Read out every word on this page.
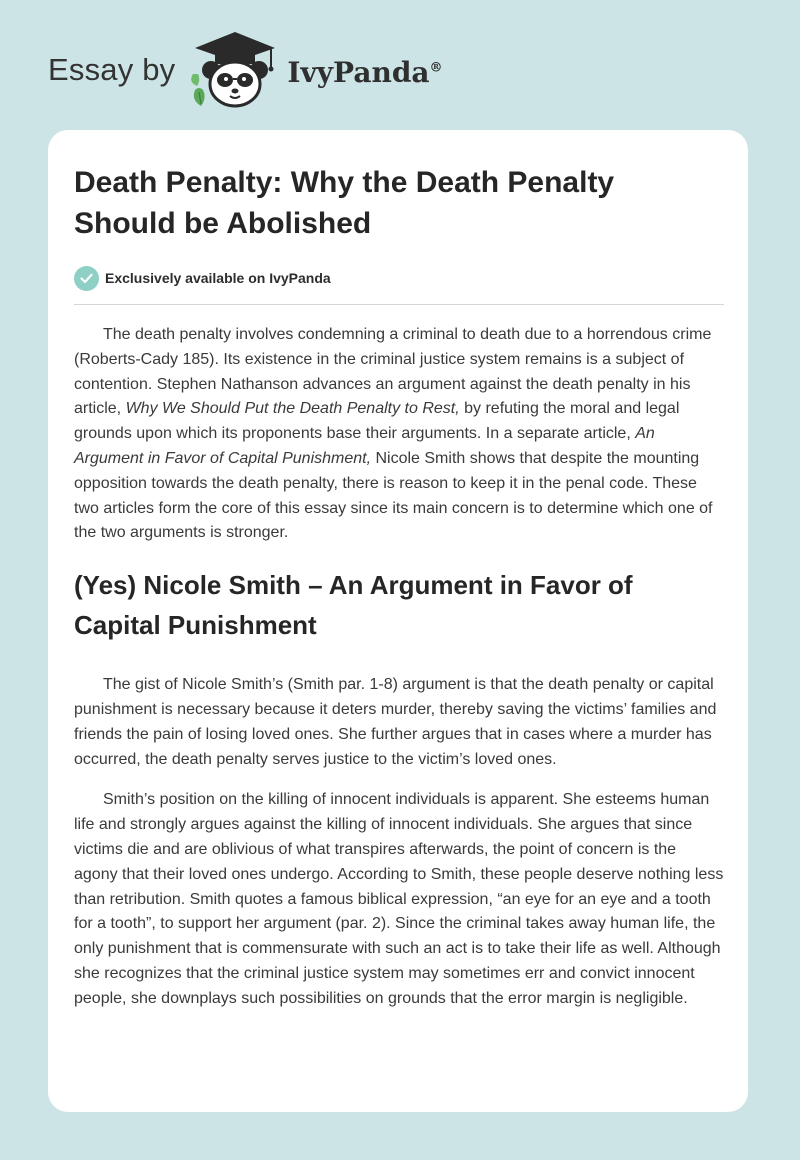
Essay by	IvyPanda®
Death Penalty: Why the Death Penalty Should be Abolished
Exclusively available on IvyPanda

The death penalty involves condemning a criminal to death due to a horrendous crime (Roberts-Cady 185). Its existence in the criminal justice system remains is a subject of contention. Stephen Nathanson advances an argument against the death penalty in his article, Why We Should Put the Death Penalty to Rest, by refuting the moral and legal grounds upon which its proponents base their arguments. In a separate article, An Argument in Favor of Capital Punishment, Nicole Smith shows that despite the mounting opposition towards the death penalty, there is reason to keep it in the penal code. These two articles form the core of this essay since its main concern is to determine which one of the two arguments is stronger.

(Yes) Nicole Smith – An Argument in Favor of Capital Punishment

The gist of Nicole Smith’s (Smith par. 1-8) argument is that the death penalty or capital punishment is necessary because it deters murder, thereby saving the victims’ families and friends the pain of losing loved ones. She further argues that in cases where a murder has occurred, the death penalty serves justice to the victim’s loved ones.

Smith’s position on the killing of innocent individuals is apparent. She esteems human life and strongly argues against the killing of innocent individuals. She argues that since victims die and are oblivious of what transpires afterwards, the point of concern is the agony that their loved ones undergo. According to Smith, these people deserve nothing less than retribution. Smith quotes a famous biblical expression, “an eye for an eye and a tooth for a tooth”, to support her argument (par. 2). Since the criminal takes away human life, the only punishment that is commensurate with such an act is to take their life as well. Although she recognizes that the criminal justice system may sometimes err and convict innocent people, she downplays such possibilities on grounds that the error margin is negligible.
